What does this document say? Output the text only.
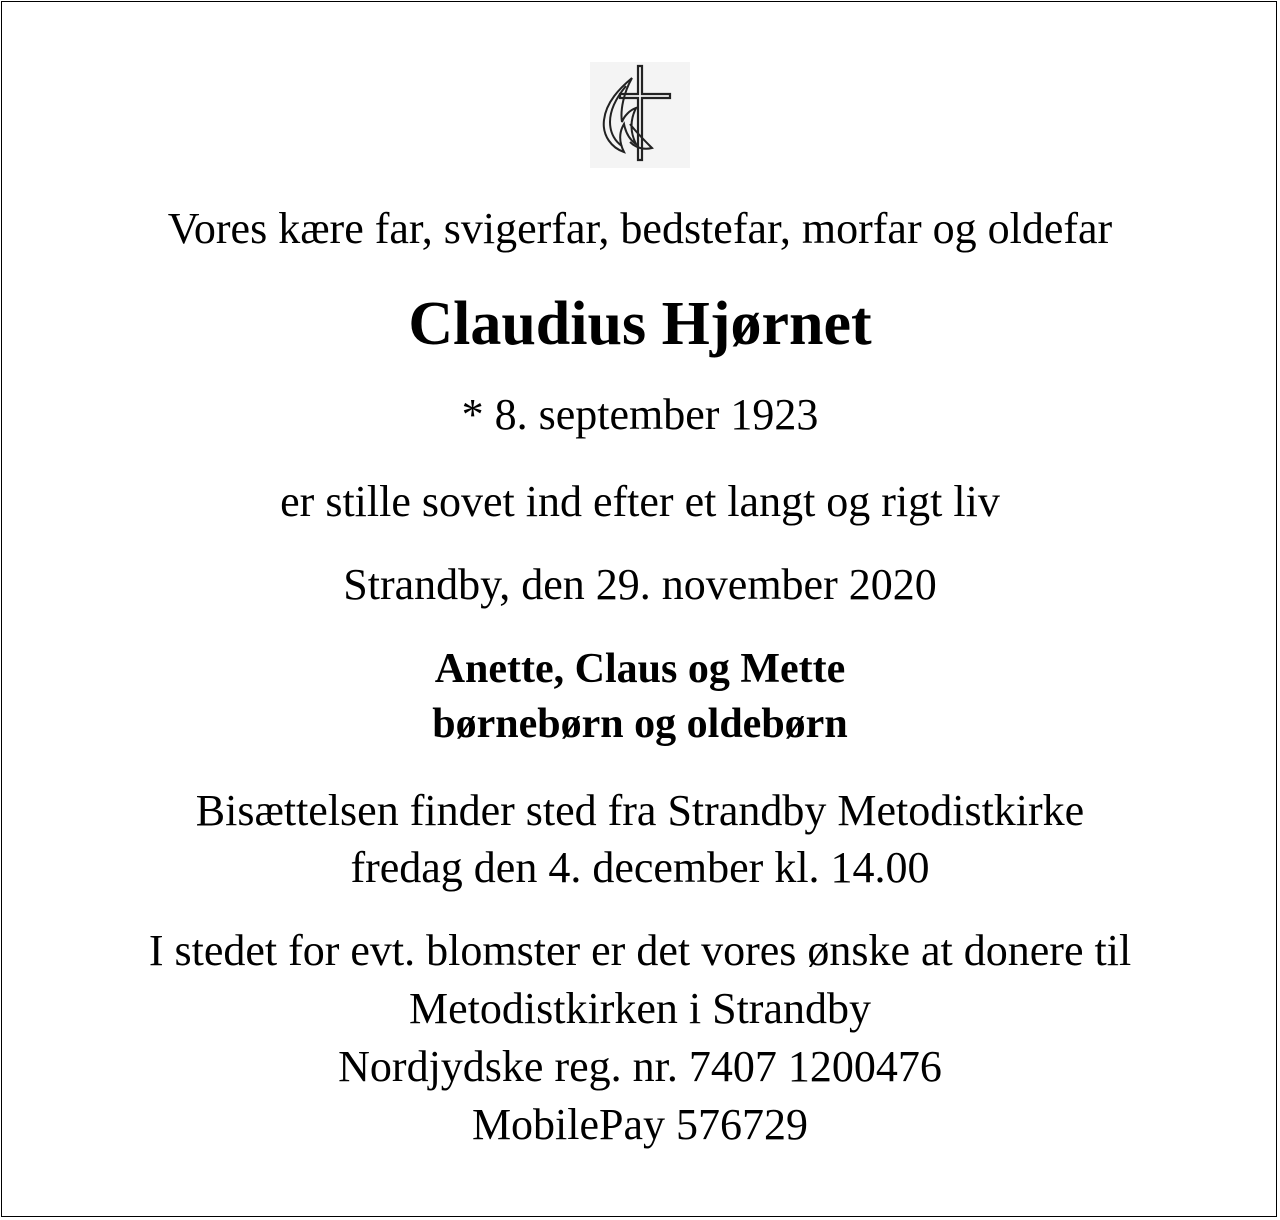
Vores kære far, svigerfar, bedstefar, morfar og oldefar
Claudius Hjørnet
* 8. september 1923
er stille sovet ind efter et langt og rigt liv
Strandby, den 29. november 2020
Anette, Claus og Mette
børnebørn og oldebørn
Bisættelsen finder sted fra Strandby Metodistkirke
fredag den 4. december kl. 14.00
I stedet for evt. blomster er det vores ønske at donere til
Metodistkirken i Strandby
Nordjydske reg. nr. 7407 1200476
MobilePay 576729
